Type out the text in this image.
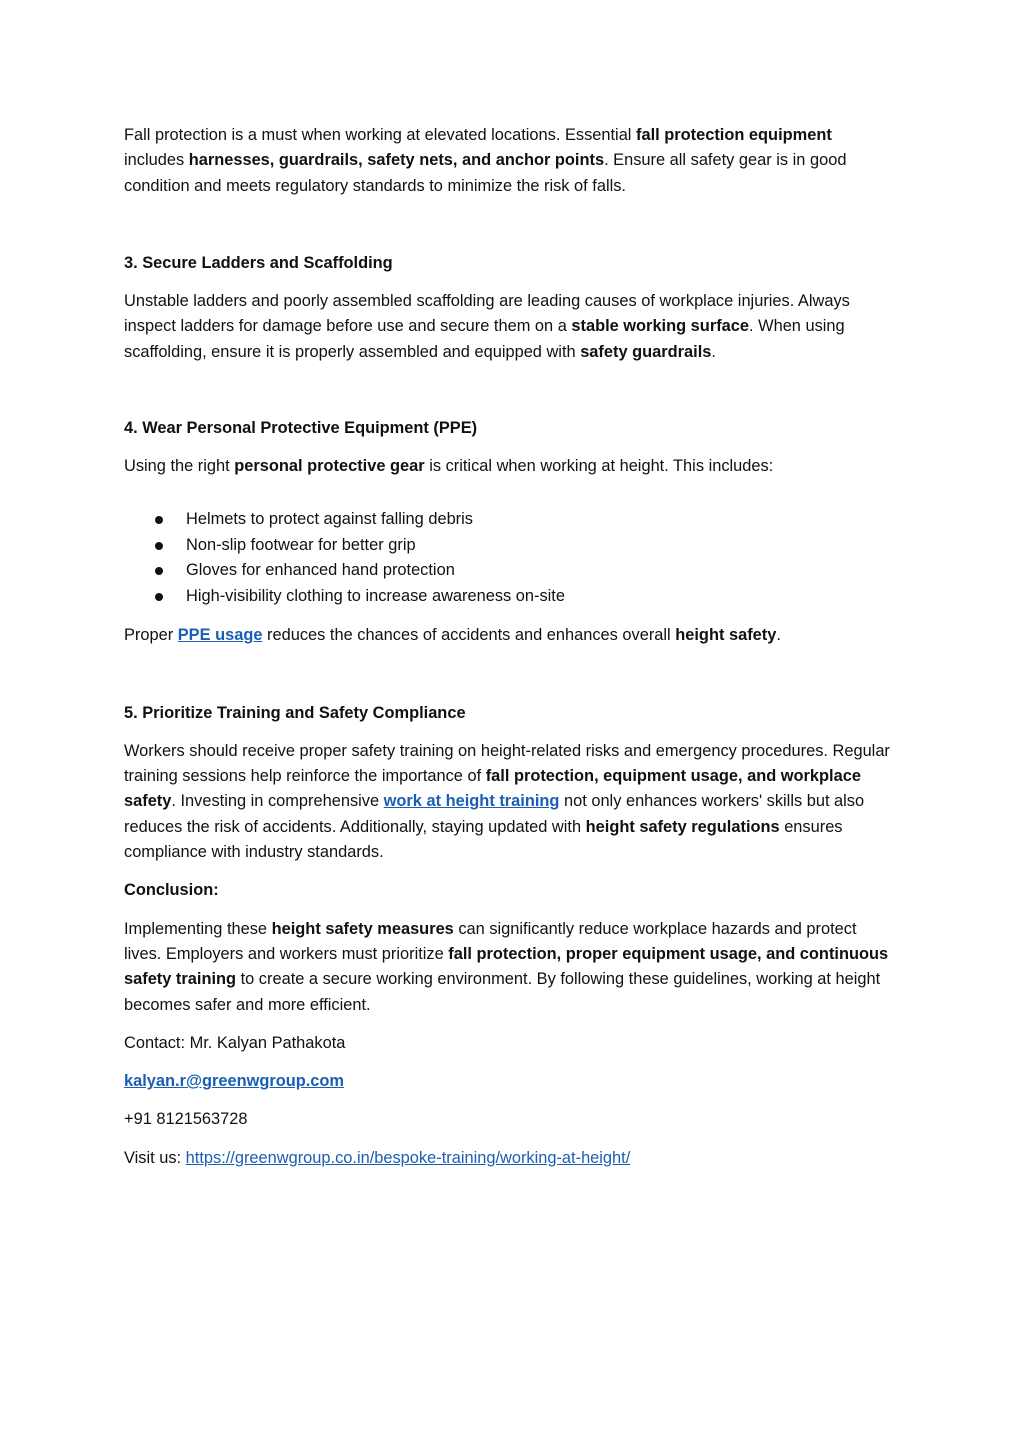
Fall protection is a must when working at elevated locations. Essential fall protection equipment includes harnesses, guardrails, safety nets, and anchor points. Ensure all safety gear is in good condition and meets regulatory standards to minimize the risk of falls.

3. Secure Ladders and Scaffolding

Unstable ladders and poorly assembled scaffolding are leading causes of workplace injuries. Always inspect ladders for damage before use and secure them on a stable working surface. When using scaffolding, ensure it is properly assembled and equipped with safety guardrails.

4. Wear Personal Protective Equipment (PPE)

Using the right personal protective gear is critical when working at height. This includes:

Helmets to protect against falling debris
Non-slip footwear for better grip
Gloves for enhanced hand protection
High-visibility clothing to increase awareness on-site

Proper PPE usage reduces the chances of accidents and enhances overall height safety.

5. Prioritize Training and Safety Compliance

Workers should receive proper safety training on height-related risks and emergency procedures. Regular training sessions help reinforce the importance of fall protection, equipment usage, and workplace safety. Investing in comprehensive work at height training not only enhances workers' skills but also reduces the risk of accidents. Additionally, staying updated with height safety regulations ensures compliance with industry standards.

Conclusion:

Implementing these height safety measures can significantly reduce workplace hazards and protect lives. Employers and workers must prioritize fall protection, proper equipment usage, and continuous safety training to create a secure working environment. By following these guidelines, working at height becomes safer and more efficient.

Contact: Mr. Kalyan Pathakota

kalyan.r@greenwgroup.com

+91 8121563728

Visit us: https://greenwgroup.co.in/bespoke-training/working-at-height/
